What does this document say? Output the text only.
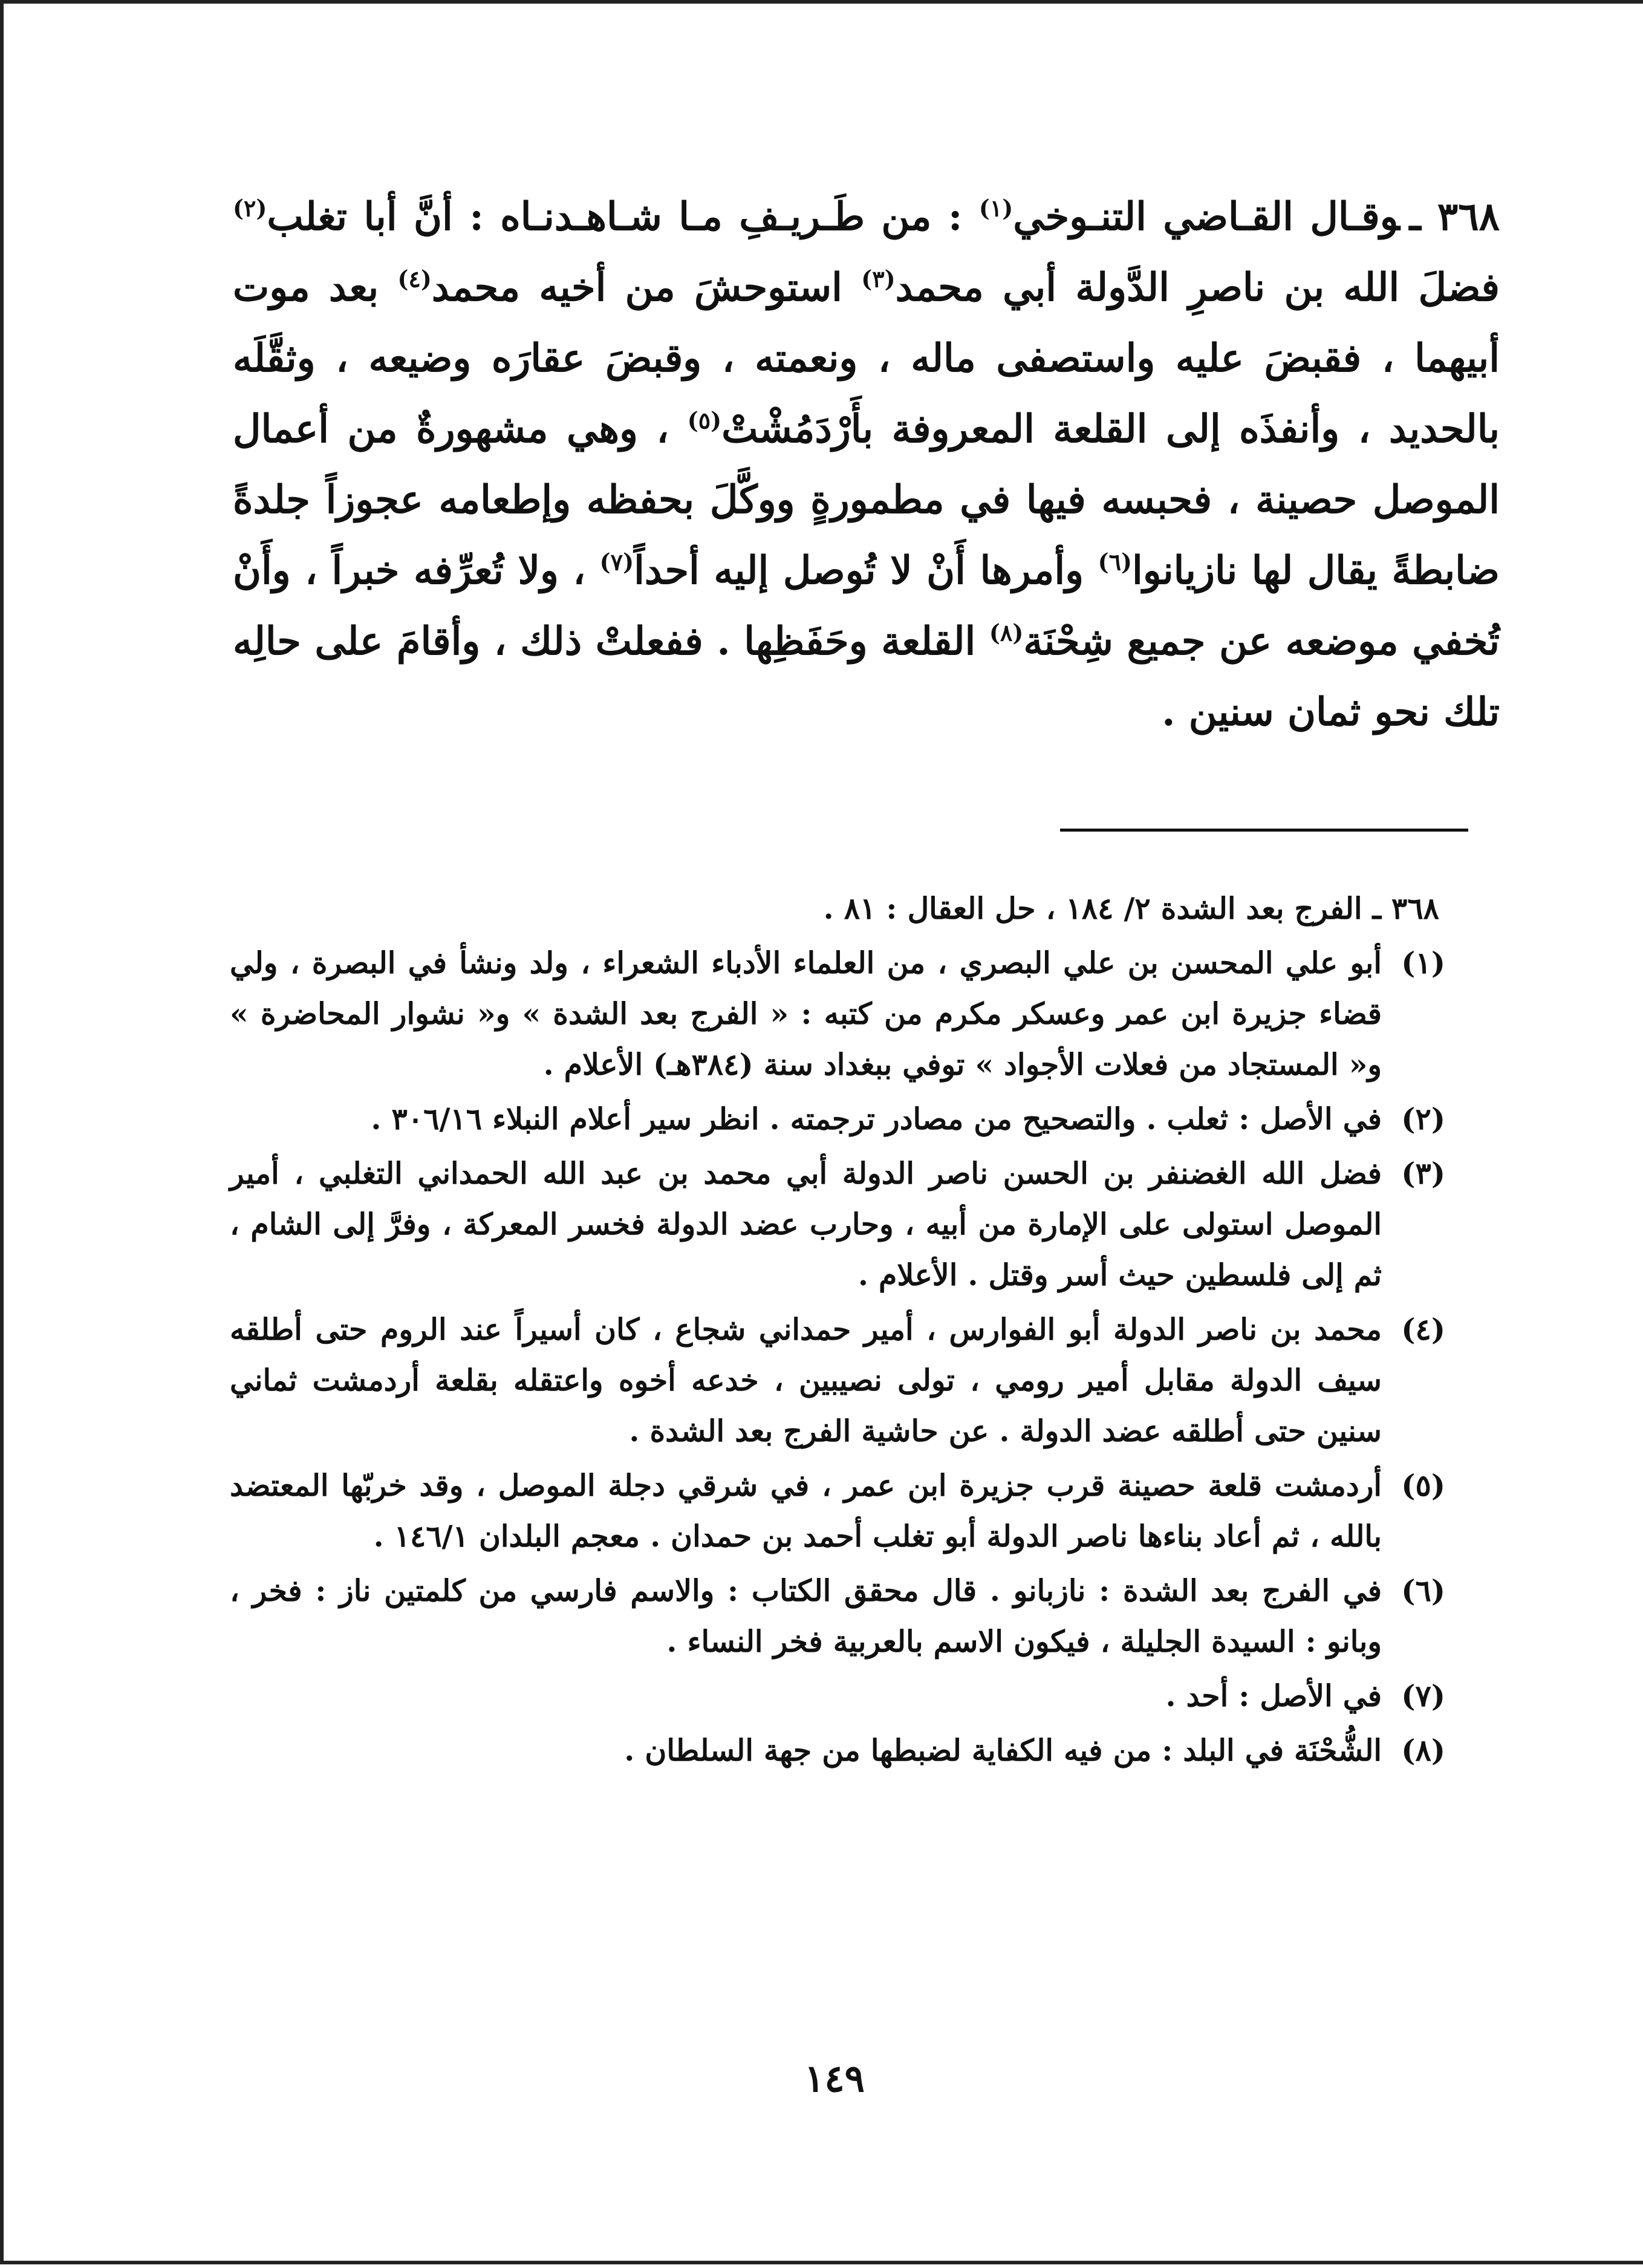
٣٦٨ ـوقـال القـاضي التنـوخي$^{(١)}$ : من طَـريـفِ مـا شـاهـدنـاه : أنَّ أبا تغلب$^{(٢)}$ فضلَ الله بن ناصرِ الدَّولة أبي محمد$^{(٣)}$ استوحشَ من أخيه محمد$^{(٤)}$ بعد موت أبيهما ، فقبضَ عليه واستصفى ماله ، ونعمته ، وقبضَ عقارَه وضيعه ، وثقَّلَه بالحديد ، وأنفذَه إلى القلعة المعروفة بأَرْدَمُشْتْ$^{(٥)}$ ، وهي مشهورةٌ من أعمال الموصل حصينة ، فحبسه فيها في مطمورةٍ ووكَّلَ بحفظه وإطعامه عجوزاً جلدةً ضابطةً يقال لها نازيانوا$^{(٦)}$ وأمرها أَنْ لا تُوصل إليه أحداً$^{(٧)}$ ، ولا تُعرِّفه خبراً ، وأَنْ تُخفي موضعه عن جميع شِحْنَة$^{(٨)}$ القلعة وحَفَظِها . ففعلتْ ذلك ، وأقامَ على حالِه تلك نحو ثمان سنين .
٣٦٨ ـ الفرج بعد الشدة ٢/ ١٨٤ ، حل العقال : ٨١ .
(١)
أبو علي المحسن بن علي البصري ، من العلماء الأدباء الشعراء ، ولد ونشأ في البصرة ، ولي قضاء جزيرة ابن عمر وعسكر مكرم من كتبه : « الفرج بعد الشدة » و« نشوار المحاضرة » و« المستجاد من فعلات الأجواد » توفي ببغداد سنة (٣٨٤هـ) الأعلام .
(٢)
في الأصل : ثعلب . والتصحيح من مصادر ترجمته . انظر سير أعلام النبلاء ٣٠٦/١٦ .
(٣)
فضل الله الغضنفر بن الحسن ناصر الدولة أبي محمد بن عبد الله الحمداني التغلبي ، أمير الموصل استولى على الإمارة من أبيه ، وحارب عضد الدولة فخسر المعركة ، وفرَّ إلى الشام ، ثم إلى فلسطين حيث أسر وقتل . الأعلام .
(٤)
محمد بن ناصر الدولة أبو الفوارس ، أمير حمداني شجاع ، كان أسيراً عند الروم حتى أطلقه سيف الدولة مقابل أمير رومي ، تولى نصيبين ، خدعه أخوه واعتقله بقلعة أردمشت ثماني سنين حتى أطلقه عضد الدولة . عن حاشية الفرج بعد الشدة .
(٥)
أردمشت قلعة حصينة قرب جزيرة ابن عمر ، في شرقي دجلة الموصل ، وقد خربّها المعتضد بالله ، ثم أعاد بناءها ناصر الدولة أبو تغلب أحمد بن حمدان . معجم البلدان ١٤٦/١ .
(٦)
في الفرج بعد الشدة : نازبانو . قال محقق الكتاب : والاسم فارسي من كلمتين ناز : فخر ، وبانو : السيدة الجليلة ، فيكون الاسم بالعربية فخر النساء .
(٧)
في الأصل : أحد .
(٨)
الشُّحْنَة في البلد : من فيه الكفاية لضبطها من جهة السلطان .
١٤٩
